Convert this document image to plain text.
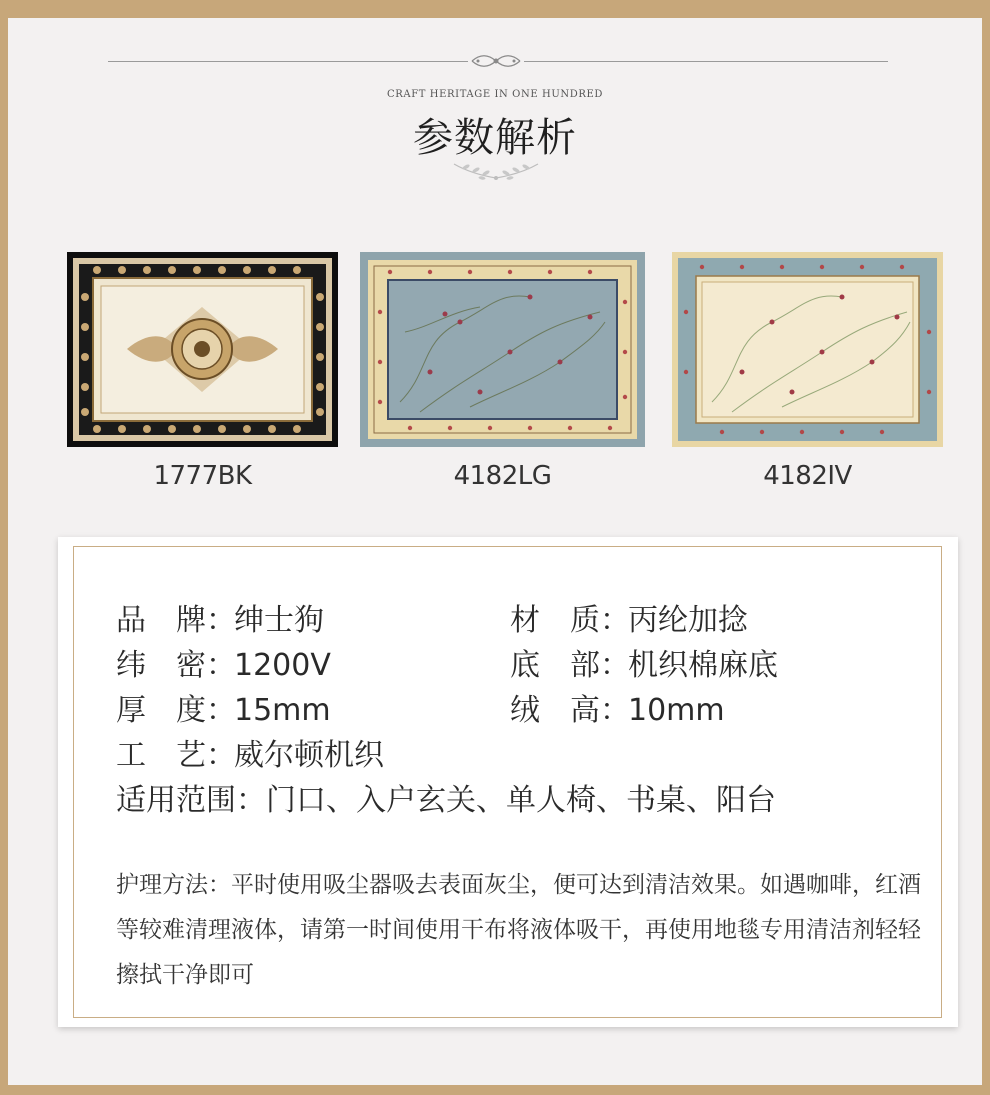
CRAFT HERITAGE IN ONE HUNDRED
参数解析
1777BK	4182LG	4182IV
品　牌：绅士狗	材　质：丙纶加捻
纬　密：1200V	底　部：机织棉麻底
厚　度：15mm	绒　高：10mm
工　艺：威尔顿机织
适用范围：门口、入户玄关、单人椅、书桌、阳台
护理方法：平时使用吸尘器吸去表面灰尘，便可达到清洁效果。如遇咖啡，红酒等较难清理液体，请第一时间使用干布将液体吸干，再使用地毯专用清洁剂轻轻擦拭干净即可
